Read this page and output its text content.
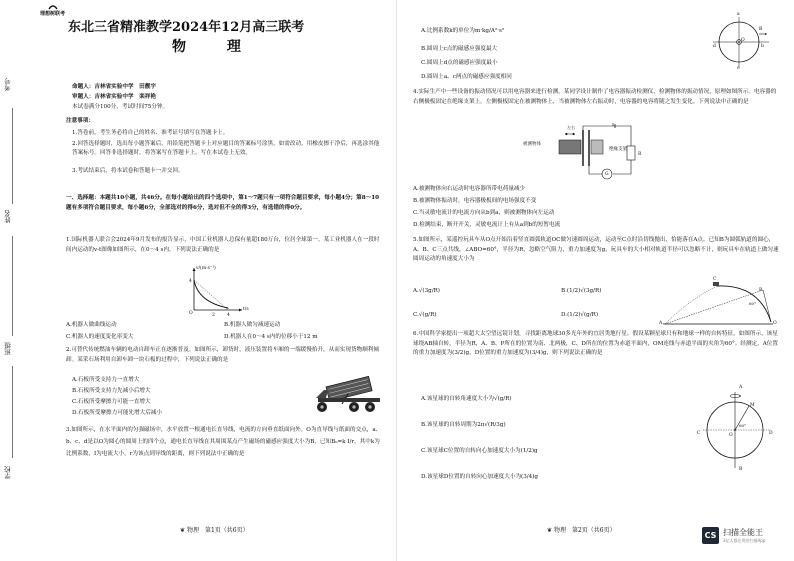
考号
姓名
班级
学校
理想树联考
东北三省精准教学2024年12月高三联考
物 理
命题人：吉林省实验中学　田靓宇
审题人：吉林省实验中学　栾祥艳
本试卷满分100分，考试时间75分钟。
注意事项：
1.答卷前，考生务必将自己的姓名、准考证号填写在答题卡上。
2.回答选择题时，选出每小题答案后，用铅笔把答题卡上对应题目的答案标号涂黑。如需改动，用橡皮擦干净后，再选涂其他答案标号。回答非选择题时，将答案写在答题卡上，写在本试卷上无效。
3.考试结束后，将本试卷和答题卡一并交回。
一、选择题：本题共10小题，共46分。在每小题给出的四个选项中，第1～7题只有一项符合题目要求，每小题4分；第8～10题有多项符合题目要求，每小题6分，全部选对的得6分，选对但不全的得3分，有选错的得0分。
1.国际机器人联合会2024年9月发布的报告显示，中国工业机器人总保有量超180万台，位居全球第一。某工业机器人在一段时间内运动的v-t图像如图所示，在0～4 s内，下列说法正确的是
v/(m·s⁻¹)
4
O	2	4
t/s
A.机器人做曲线运动	B.机器人做匀减速运动
C.机器人的速度变化率变大	D.机器人在0～4 s内的位移小于12 m
2.可替代传统燃油车辆的电动自卸车正在逐渐普及。如图所示，卸货时，液压装置将车厢的一端缓慢抬升，从而实现货物顺利倾卸。某采石场利用自卸车卸一块石板的过程中，下列说法正确的是
A.石板所受支持力一直增大
B.石板所受支持力先减小后增大
C.石板所受摩擦力可能一直增大
D.石板所受摩擦力可能先增大后减小
3.如图所示，在水平面内的匀强磁场中，水平放置一根通电长直导线，电流的方向垂直纸面向外。O为直导线与纸面的交点，a、b、c、d是以O为圆心的圆周上的四个点，通电长直导线在其周围某点产生磁场的磁感应强度大小为B，已知B₀=k I/r，其中k为比例系数，I为电流大小，r为该点到导线的距离，则下列说法中正确的是
❦ 物理　第1页（共6页）
A.比例系数k的单位为m·kg/A²·s²
B.圆周上c点的磁感应强度最大
C.圆周上d点的磁感应强度最小
D.圆周上a、c两点的磁感应强度相同
a
b
c
d
O
B
4.实际生产中一些设备的振动情况可以用电容器来进行检测，某同学设计制作了电容器振动检测仪，检测物体的振动情况，原理如图所示。电容器的右侧极板固定在绝缘支架上，左侧极板固定在被测物体上，当被测物体左右振动时，电容器的电容将随之发生变化。下列说法中正确的是
左右
被测物体
绝缘支架
R
G
A.被测物体向右运动时电容器所带电荷量减少
B.被测物体振动时，电容器极板间的电场强度不变
C.当灵敏电流计的电流方向从b到a，则被测物体向左运动
D.检测结束，断开开关，灵敏电流计上有从a到b的短暂电流
5.如图所示，某遥控玩具车从O点开始沿着竖直圆弧轨道OC做匀速圆周运动，运动至C点时沿切线抛出，恰能落在A点。已知B为圆弧轨道的圆心，A、B、C三点共线，∠ABO=60°，半径为R，忽略空气阻力，重力加速度为g，玩具车的大小相对轨道半径可以忽略不计，则玩具车在轨道上做匀速圆周运动的角速度大小为
A.√(3g/R)	B.(1/2)√(3g/R)
C.√(g/R)	D.(1/2)√(g/R)
C
B
O
A
60°
6.中国科学家提出一项超大太空望远镜计划，寻找距离地球30多光年外的宜居类地行星。假设某颗星球只有和地球一样的自转特征，如图所示，该星球绕AB轴自转，半径为R，A、B、P所在的位置为南、北两极，C、D所在的位置为赤道平面内，OM连线与赤道平面的夹角为60°。经测定，A位置的重力加速度为(3/2)g，D位置的重力加速度为(3/4)g，则下列说法正确的是
A.该星球的自转角速度大小为√(g/R)
B.该星球的自转周期为2π√(R/3g)
C.该星球C位置的自转向心加速度大小为(1/2)g
D.该星球D位置的自转向心加速度大小为(3/4)g
A
M
C	O	D
B
60°
❦ 物理　第2页（共6页）
CS 扫描全能王
3亿人都在用的扫描App
